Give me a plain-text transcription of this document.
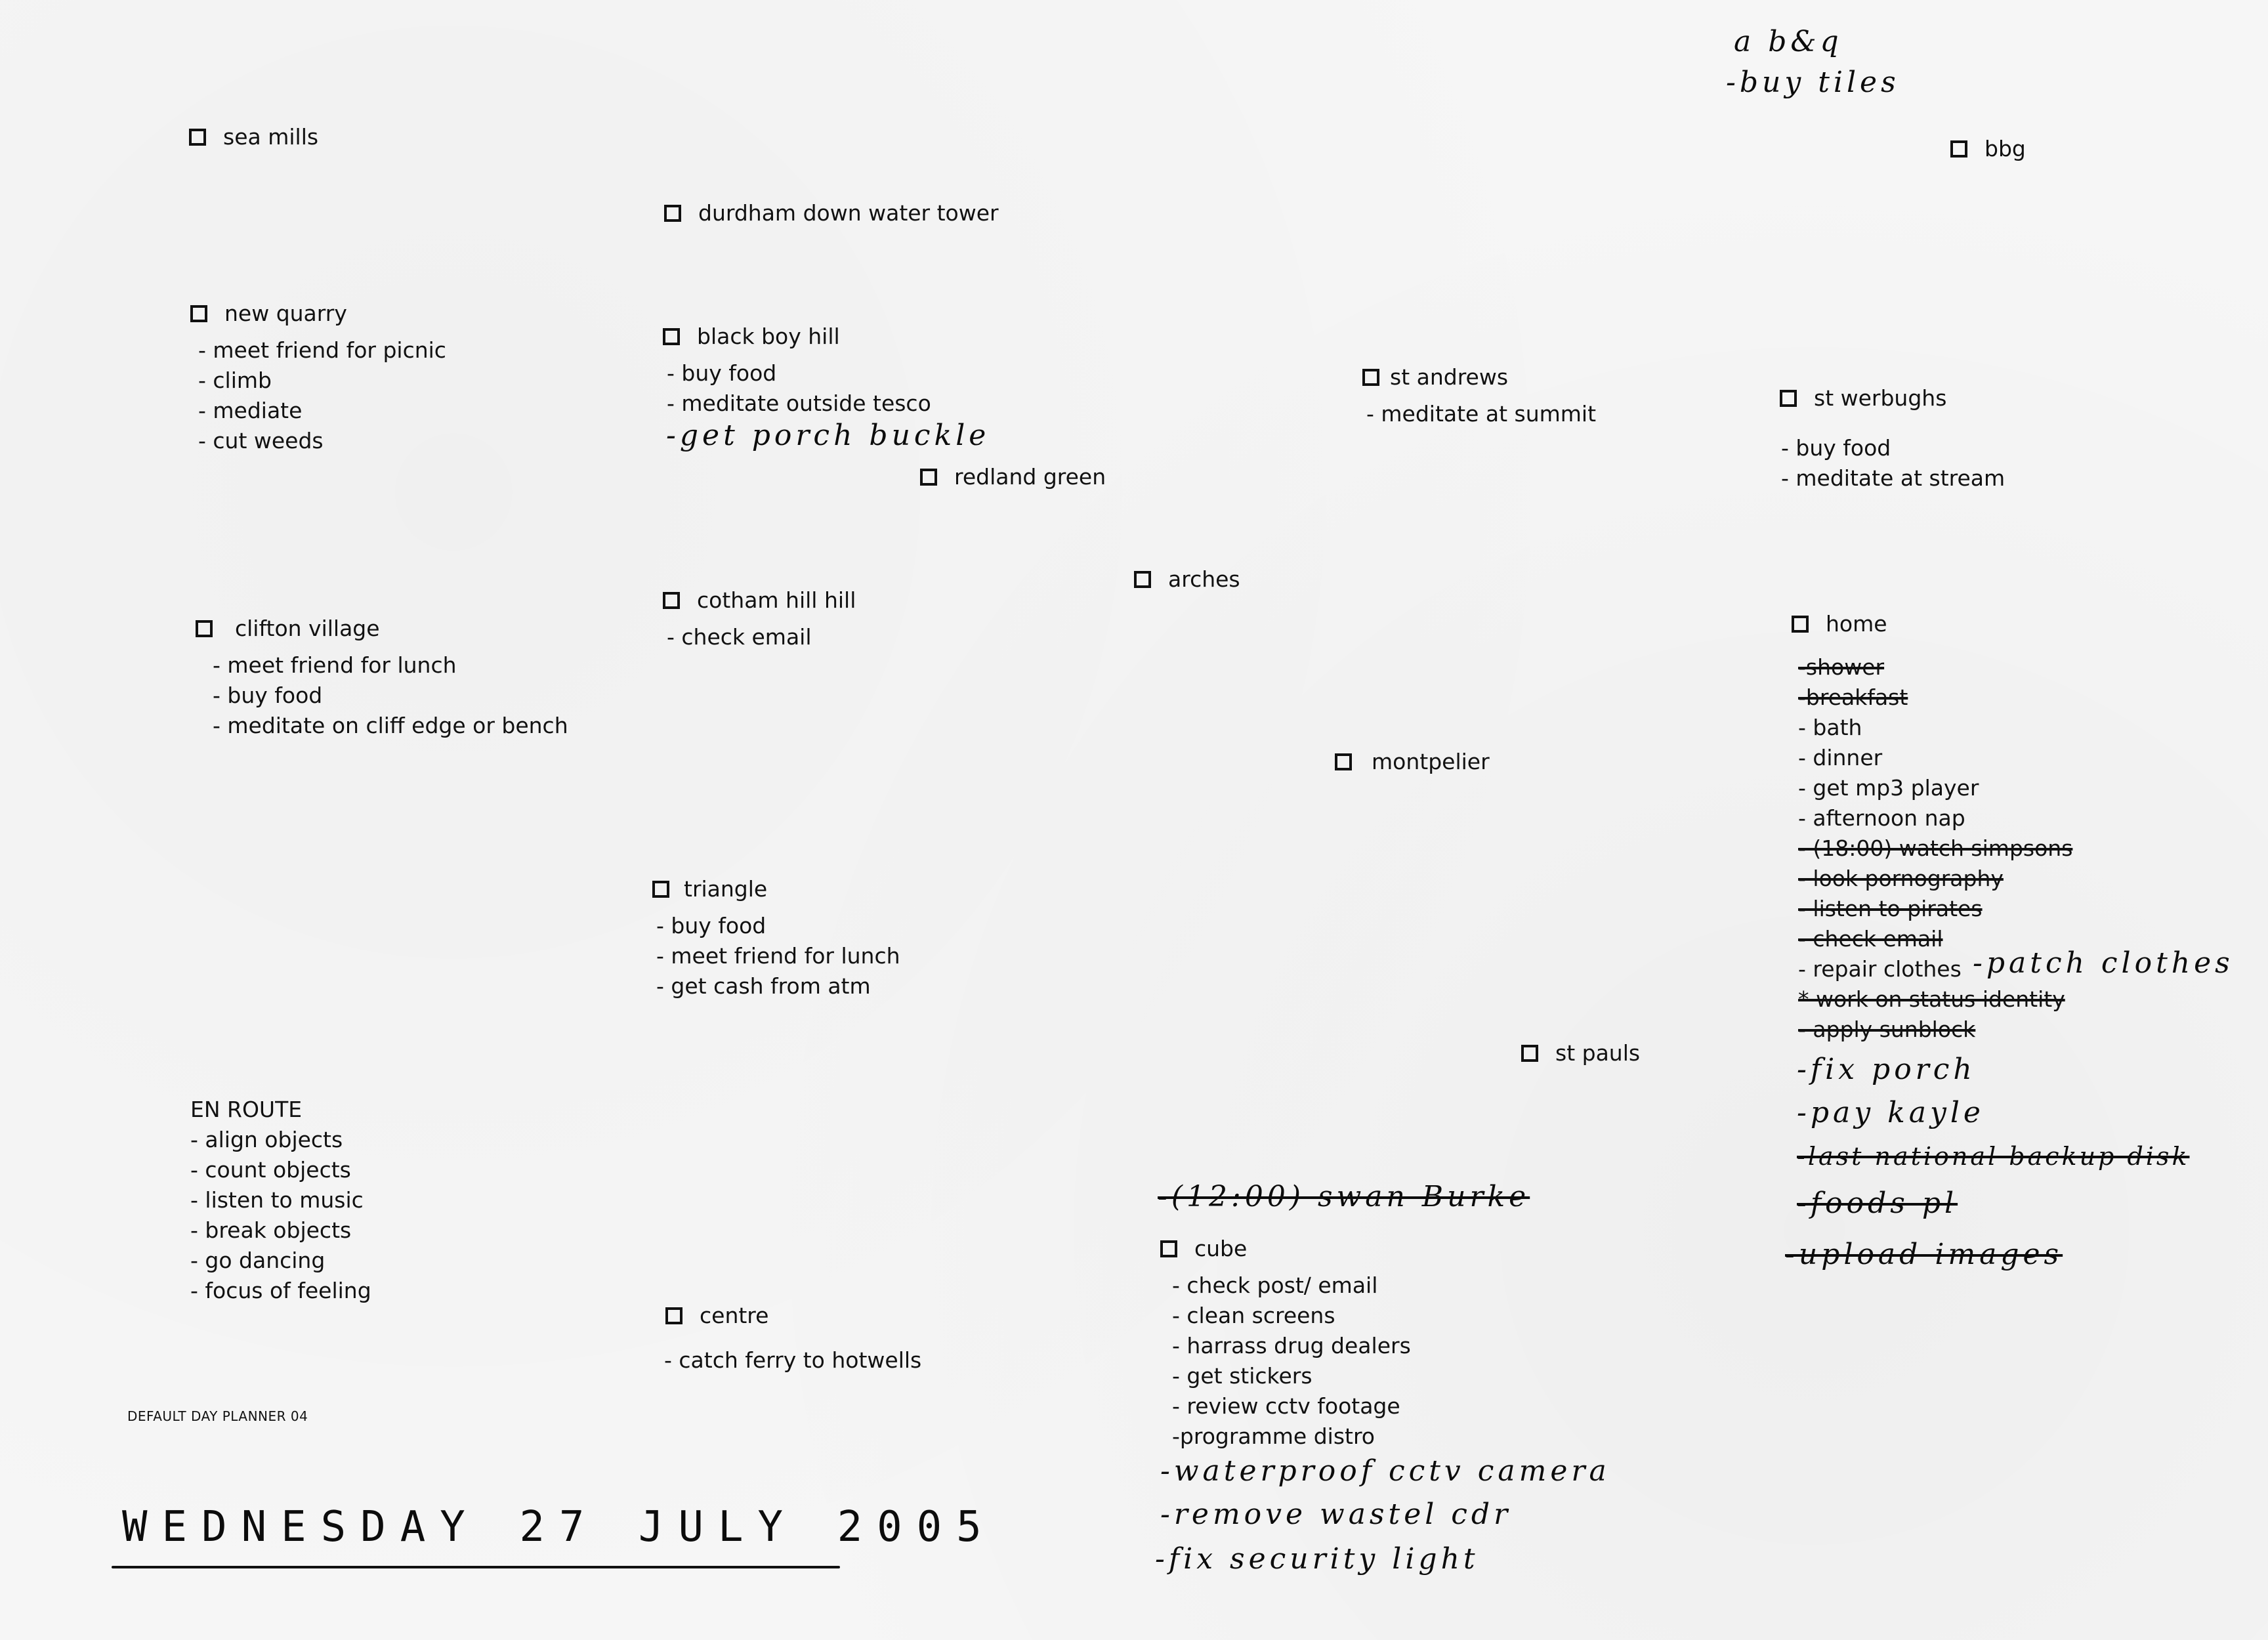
a b&q
-buy tiles
sea mills
durdham down water tower
bbg
new quarry
- meet friend for picnic
- climb
- mediate
- cut weeds
black boy hill
- buy food
- meditate outside tesco
-get porch buckle
redland green
st andrews
- meditate at summit
st werbughs
- buy food
- meditate at stream
arches
clifton village
- meet friend for lunch
- buy food
- meditate on cliff edge or bench
cotham hill hill
- check email
montpelier
triangle
- buy food
- meet friend for lunch
- get cash from atm
st pauls
EN ROUTE
- align objects
- count objects
- listen to music
- break objects
- go dancing
- focus of feeling
centre
- catch ferry to hotwells
-(12:00) swan Burke
cube
- check post/ email
- clean screens
- harrass drug dealers
- get stickers
- review cctv footage
-programme distro
-waterproof cctv camera
-remove wastel cdr
-fix security light
home
-shower
-breakfast
- bath
- dinner
- get mp3 player
- afternoon nap
- (18:00) watch simpsons
- look pornography
- listen to pirates
- check email
- repair clothes
* work on status identity
- apply sunblock
-patch clothes
-fix porch
-pay kayle
-last national backup disk
-foods pl
-upload images
DEFAULT DAY PLANNER 04
WEDNESDAY 27 JULY 2005
